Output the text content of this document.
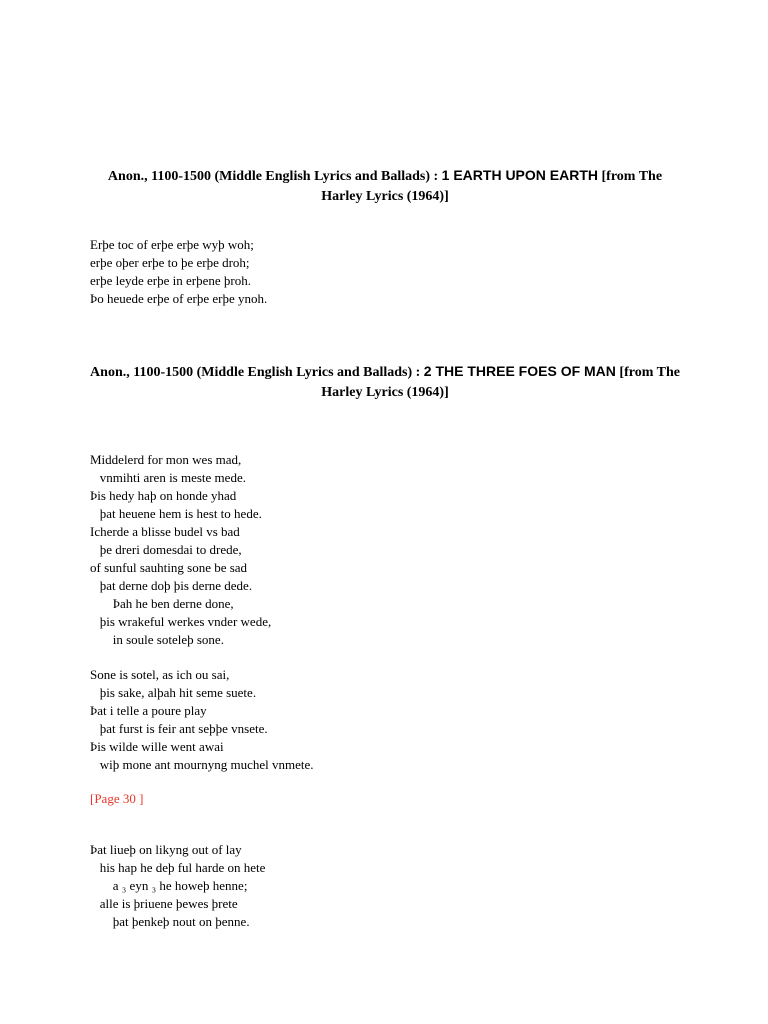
Anon., 1100-1500 (Middle English Lyrics and Ballads) : 1 EARTH UPON EARTH [from The Harley Lyrics (1964)]
Erþe toc of erþe erþe wyþ woh;
erþe oþer erþe to þe erþe droh;
erþe leyde erþe in erþene þroh.
Þo heuede erþe of erþe erþe ynoh.
Anon., 1100-1500 (Middle English Lyrics and Ballads) : 2 THE THREE FOES OF MAN [from The Harley Lyrics (1964)]
Middelerd for mon wes mad,
vnmihti aren is meste mede.
Þis hedy haþ on honde yhad
þat heuene hem is hest to hede.
Icherde a blisse budel vs bad
þe dreri domesdai to drede,
of sunful sauhting sone be sad
þat derne doþ þis derne dede.
Þah he ben derne done,
þis wrakeful werkes vnder wede,
in soule soteleþ sone.
Sone is sotel, as ich ou sai,
þis sake, alþah hit seme suete.
Þat i telle a poure play
þat furst is feir ant seþþe vnsete.
Þis wilde wille went awai
wiþ mone ant mournyng muchel vnmete.
[Page 30 ]
Þat liueþ on likyng out of lay
his hap he deþ ful harde on hete
a ₃ eyn ₃ he howeþ henne;
alle is þriuene þewes þrete
þat þenkeþ nout on þenne.
